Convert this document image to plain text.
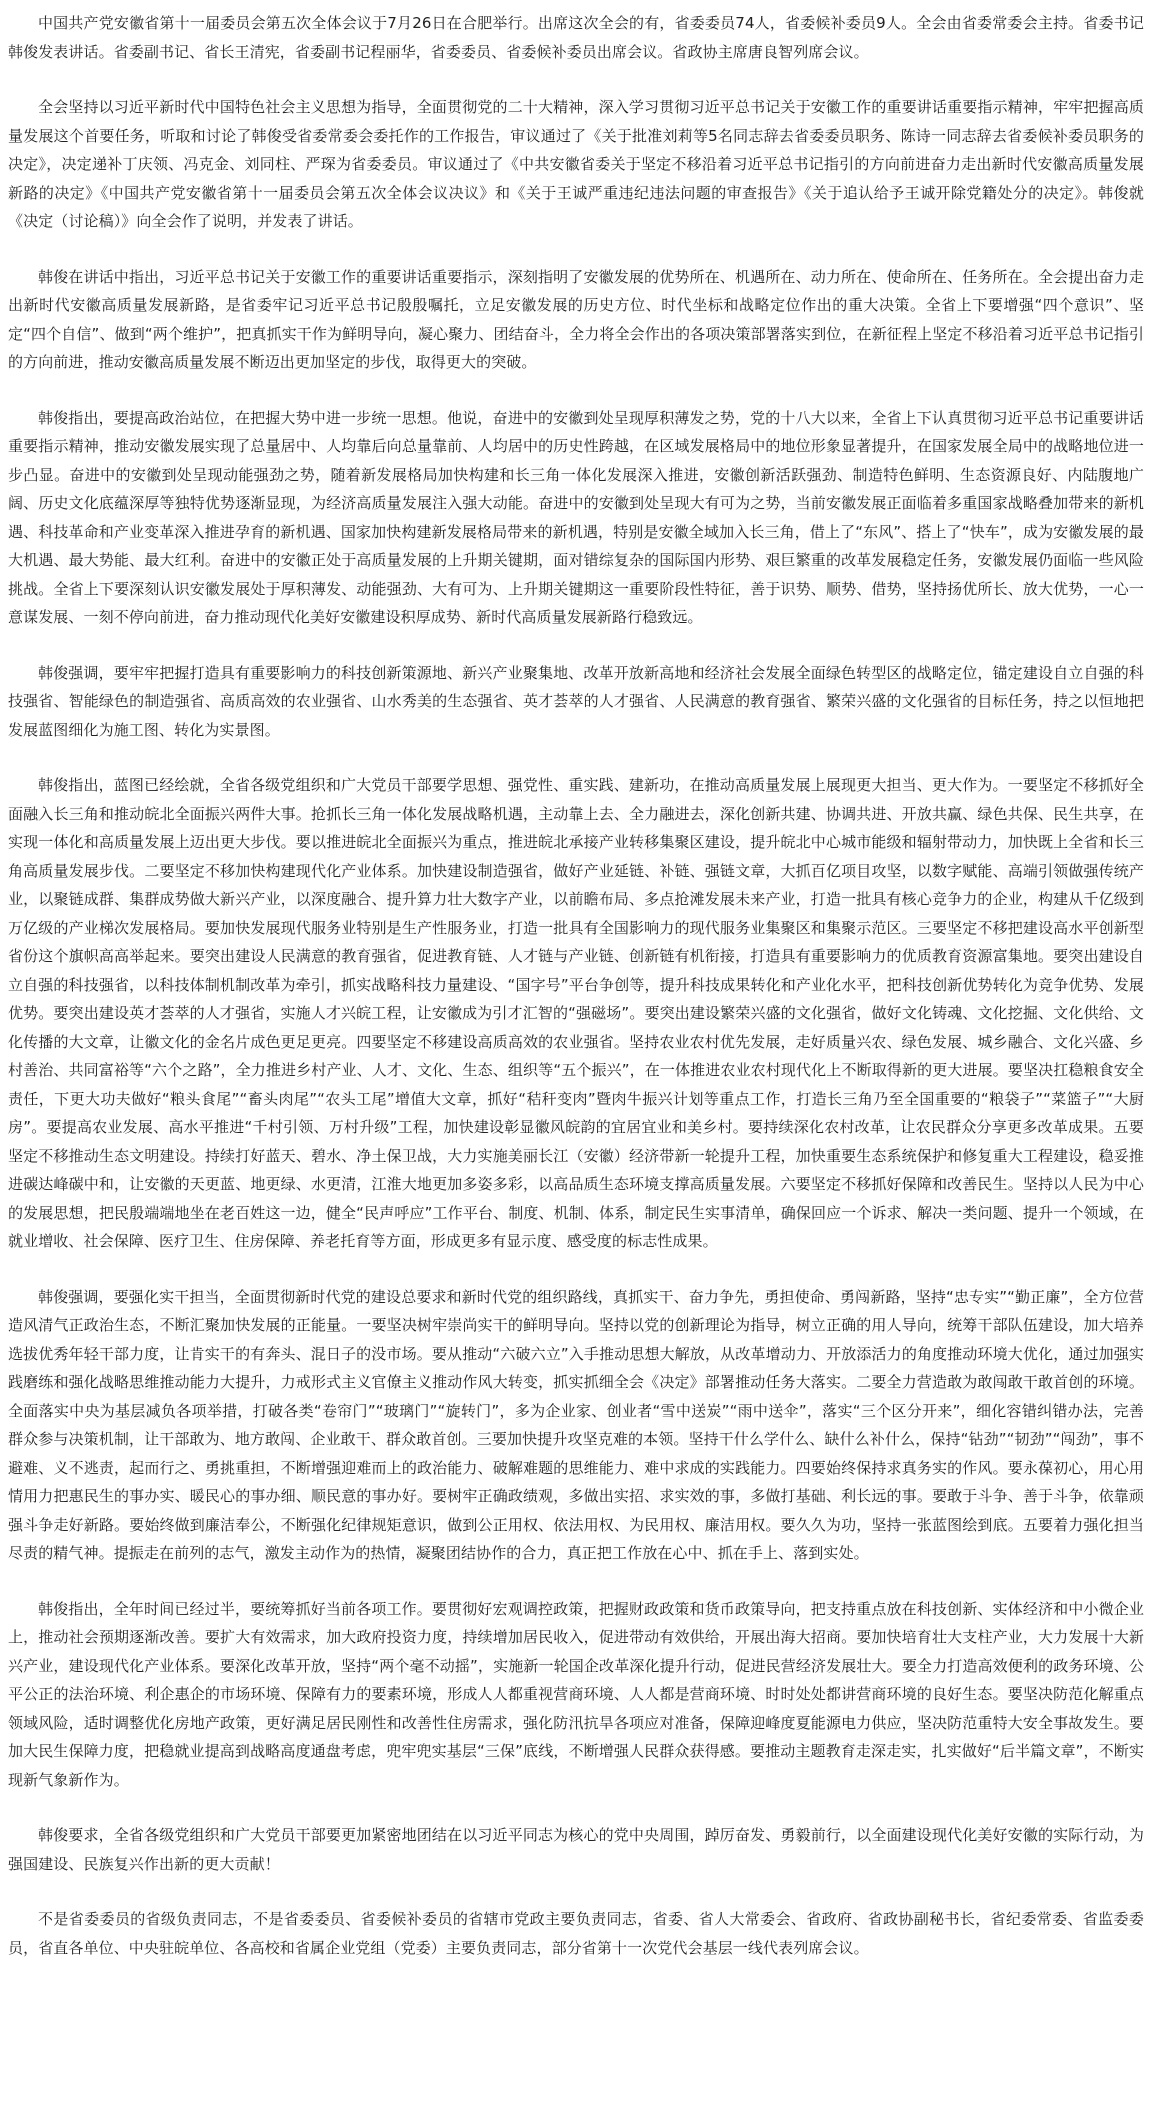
中国共产党安徽省第十一届委员会第五次全体会议于7月26日在合肥举行。出席这次全会的有，省委委员74人，省委候补委员9人。全会由省委常委会主持。省委书记韩俊发表讲话。省委副书记、省长王清宪，省委副书记程丽华，省委委员、省委候补委员出席会议。省政协主席唐良智列席会议。

全会坚持以习近平新时代中国特色社会主义思想为指导，全面贯彻党的二十大精神，深入学习贯彻习近平总书记关于安徽工作的重要讲话重要指示精神，牢牢把握高质量发展这个首要任务，听取和讨论了韩俊受省委常委会委托作的工作报告，审议通过了《关于批准刘莉等5名同志辞去省委委员职务、陈诗一同志辞去省委候补委员职务的决定》，决定递补丁庆领、冯克金、刘同柱、严琛为省委委员。审议通过了《中共安徽省委关于坚定不移沿着习近平总书记指引的方向前进奋力走出新时代安徽高质量发展新路的决定》《中国共产党安徽省第十一届委员会第五次全体会议决议》和《关于王诚严重违纪违法问题的审查报告》《关于追认给予王诚开除党籍处分的决定》。韩俊就《决定（讨论稿）》向全会作了说明，并发表了讲话。

韩俊在讲话中指出，习近平总书记关于安徽工作的重要讲话重要指示，深刻指明了安徽发展的优势所在、机遇所在、动力所在、使命所在、任务所在。全会提出奋力走出新时代安徽高质量发展新路，是省委牢记习近平总书记殷殷嘱托，立足安徽发展的历史方位、时代坐标和战略定位作出的重大决策。全省上下要增强“四个意识”、坚定“四个自信”、做到“两个维护”，把真抓实干作为鲜明导向，凝心聚力、团结奋斗，全力将全会作出的各项决策部署落实到位，在新征程上坚定不移沿着习近平总书记指引的方向前进，推动安徽高质量发展不断迈出更加坚定的步伐，取得更大的突破。

韩俊指出，要提高政治站位，在把握大势中进一步统一思想。他说，奋进中的安徽到处呈现厚积薄发之势，党的十八大以来，全省上下认真贯彻习近平总书记重要讲话重要指示精神，推动安徽发展实现了总量居中、人均靠后向总量靠前、人均居中的历史性跨越，在区域发展格局中的地位形象显著提升，在国家发展全局中的战略地位进一步凸显。奋进中的安徽到处呈现动能强劲之势，随着新发展格局加快构建和长三角一体化发展深入推进，安徽创新活跃强劲、制造特色鲜明、生态资源良好、内陆腹地广阔、历史文化底蕴深厚等独特优势逐渐显现，为经济高质量发展注入强大动能。奋进中的安徽到处呈现大有可为之势，当前安徽发展正面临着多重国家战略叠加带来的新机遇、科技革命和产业变革深入推进孕育的新机遇、国家加快构建新发展格局带来的新机遇，特别是安徽全域加入长三角，借上了“东风”、搭上了“快车”，成为安徽发展的最大机遇、最大势能、最大红利。奋进中的安徽正处于高质量发展的上升期关键期，面对错综复杂的国际国内形势、艰巨繁重的改革发展稳定任务，安徽发展仍面临一些风险挑战。全省上下要深刻认识安徽发展处于厚积薄发、动能强劲、大有可为、上升期关键期这一重要阶段性特征，善于识势、顺势、借势，坚持扬优所长、放大优势，一心一意谋发展、一刻不停向前进，奋力推动现代化美好安徽建设积厚成势、新时代高质量发展新路行稳致远。

韩俊强调，要牢牢把握打造具有重要影响力的科技创新策源地、新兴产业聚集地、改革开放新高地和经济社会发展全面绿色转型区的战略定位，锚定建设自立自强的科技强省、智能绿色的制造强省、高质高效的农业强省、山水秀美的生态强省、英才荟萃的人才强省、人民满意的教育强省、繁荣兴盛的文化强省的目标任务，持之以恒地把发展蓝图细化为施工图、转化为实景图。

韩俊指出，蓝图已经绘就，全省各级党组织和广大党员干部要学思想、强党性、重实践、建新功，在推动高质量发展上展现更大担当、更大作为。一要坚定不移抓好全面融入长三角和推动皖北全面振兴两件大事。抢抓长三角一体化发展战略机遇，主动靠上去、全力融进去，深化创新共建、协调共进、开放共赢、绿色共保、民生共享，在实现一体化和高质量发展上迈出更大步伐。要以推进皖北全面振兴为重点，推进皖北承接产业转移集聚区建设，提升皖北中心城市能级和辐射带动力，加快既上全省和长三角高质量发展步伐。二要坚定不移加快构建现代化产业体系。加快建设制造强省，做好产业延链、补链、强链文章，大抓百亿项目攻坚，以数字赋能、高端引领做强传统产业，以聚链成群、集群成势做大新兴产业，以深度融合、提升算力壮大数字产业，以前瞻布局、多点抢滩发展未来产业，打造一批具有核心竞争力的企业，构建从千亿级到万亿级的产业梯次发展格局。要加快发展现代服务业特别是生产性服务业，打造一批具有全国影响力的现代服务业集聚区和集聚示范区。三要坚定不移把建设高水平创新型省份这个旗帜高高举起来。要突出建设人民满意的教育强省，促进教育链、人才链与产业链、创新链有机衔接，打造具有重要影响力的优质教育资源富集地。要突出建设自立自强的科技强省，以科技体制机制改革为牵引，抓实战略科技力量建设、“国字号”平台争创等，提升科技成果转化和产业化水平，把科技创新优势转化为竞争优势、发展优势。要突出建设英才荟萃的人才强省，实施人才兴皖工程，让安徽成为引才汇智的“强磁场”。要突出建设繁荣兴盛的文化强省，做好文化铸魂、文化挖掘、文化供给、文化传播的大文章，让徽文化的金名片成色更足更亮。四要坚定不移建设高质高效的农业强省。坚持农业农村优先发展，走好质量兴农、绿色发展、城乡融合、文化兴盛、乡村善治、共同富裕等“六个之路”，全力推进乡村产业、人才、文化、生态、组织等“五个振兴”，在一体推进农业农村现代化上不断取得新的更大进展。要坚决扛稳粮食安全责任，下更大功夫做好“粮头食尾”“畜头肉尾”“农头工尾”增值大文章，抓好“秸秆变肉”暨肉牛振兴计划等重点工作，打造长三角乃至全国重要的“粮袋子”“菜篮子”“大厨房”。要提高农业发展、高水平推进“千村引领、万村升级”工程，加快建设彰显徽风皖韵的宜居宜业和美乡村。要持续深化农村改革，让农民群众分享更多改革成果。五要坚定不移推动生态文明建设。持续打好蓝天、碧水、净土保卫战，大力实施美丽长江（安徽）经济带新一轮提升工程，加快重要生态系统保护和修复重大工程建设，稳妥推进碳达峰碳中和，让安徽的天更蓝、地更绿、水更清，江淮大地更加多姿多彩，以高品质生态环境支撑高质量发展。六要坚定不移抓好保障和改善民生。坚持以人民为中心的发展思想，把民殷端端地坐在老百姓这一边，健全“民声呼应”工作平台、制度、机制、体系，制定民生实事清单，确保回应一个诉求、解决一类问题、提升一个领域，在就业增收、社会保障、医疗卫生、住房保障、养老托育等方面，形成更多有显示度、感受度的标志性成果。

韩俊强调，要强化实干担当，全面贯彻新时代党的建设总要求和新时代党的组织路线，真抓实干、奋力争先，勇担使命、勇闯新路，坚持“忠专实”“勤正廉”，全方位营造风清气正政治生态，不断汇聚加快发展的正能量。一要坚决树牢崇尚实干的鲜明导向。坚持以党的创新理论为指导，树立正确的用人导向，统筹干部队伍建设，加大培养选拔优秀年轻干部力度，让肯实干的有奔头、混日子的没市场。要从推动“六破六立”入手推动思想大解放，从改革增动力、开放添活力的角度推动环境大优化，通过加强实践磨练和强化战略思维推动能力大提升，力戒形式主义官僚主义推动作风大转变，抓实抓细全会《决定》部署推动任务大落实。二要全力营造敢为敢闯敢干敢首创的环境。全面落实中央为基层减负各项举措，打破各类“卷帘门”“玻璃门”“旋转门”，多为企业家、创业者“雪中送炭”“雨中送伞”，落实“三个区分开来”，细化容错纠错办法，完善群众参与决策机制，让干部敢为、地方敢闯、企业敢干、群众敢首创。三要加快提升攻坚克难的本领。坚持干什么学什么、缺什么补什么，保持“钻劲”“韧劲”“闯劲”，事不避难、义不逃责，起而行之、勇挑重担，不断增强迎难而上的政治能力、破解难题的思维能力、难中求成的实践能力。四要始终保持求真务实的作风。要永葆初心，用心用情用力把惠民生的事办实、暖民心的事办细、顺民意的事办好。要树牢正确政绩观，多做出实招、求实效的事，多做打基础、利长远的事。要敢于斗争、善于斗争，依靠顽强斗争走好新路。要始终做到廉洁奉公，不断强化纪律规矩意识，做到公正用权、依法用权、为民用权、廉洁用权。要久久为功，坚持一张蓝图绘到底。五要着力强化担当尽责的精气神。提振走在前列的志气，激发主动作为的热情，凝聚团结协作的合力，真正把工作放在心中、抓在手上、落到实处。

韩俊指出，全年时间已经过半，要统筹抓好当前各项工作。要贯彻好宏观调控政策，把握财政政策和货币政策导向，把支持重点放在科技创新、实体经济和中小微企业上，推动社会预期逐渐改善。要扩大有效需求，加大政府投资力度，持续增加居民收入，促进带动有效供给，开展出海大招商。要加快培育壮大支柱产业，大力发展十大新兴产业，建设现代化产业体系。要深化改革开放，坚持“两个毫不动摇”，实施新一轮国企改革深化提升行动，促进民营经济发展壮大。要全力打造高效便利的政务环境、公平公正的法治环境、利企惠企的市场环境、保障有力的要素环境，形成人人都重视营商环境、人人都是营商环境、时时处处都讲营商环境的良好生态。要坚决防范化解重点领域风险，适时调整优化房地产政策，更好满足居民刚性和改善性住房需求，强化防汛抗旱各项应对准备，保障迎峰度夏能源电力供应，坚决防范重特大安全事故发生。要加大民生保障力度，把稳就业提高到战略高度通盘考虑，兜牢兜实基层“三保”底线，不断增强人民群众获得感。要推动主题教育走深走实，扎实做好“后半篇文章”，不断实现新气象新作为。

韩俊要求，全省各级党组织和广大党员干部要更加紧密地团结在以习近平同志为核心的党中央周围，踔厉奋发、勇毅前行，以全面建设现代化美好安徽的实际行动，为强国建设、民族复兴作出新的更大贡献！

不是省委委员的省级负责同志，不是省委委员、省委候补委员的省辖市党政主要负责同志，省委、省人大常委会、省政府、省政协副秘书长，省纪委常委、省监委委员，省直各单位、中央驻皖单位、各高校和省属企业党组（党委）主要负责同志，部分省第十一次党代会基层一线代表列席会议。
